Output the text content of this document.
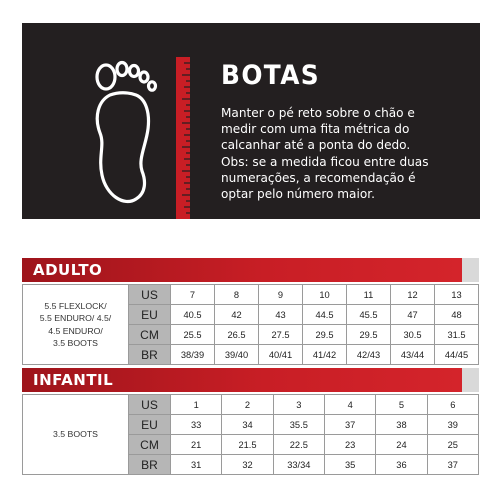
BOTAS

Manter o pé reto sobre o chão e

medir com uma fita métrica do

calcanhar até a ponta do dedo.

Obs: se a medida ficou entre duas

numerações, a recomendação é

optar pelo número maior.

ADULTO
5.5 FLEXLOCK/
5.5 ENDURO/ 4.5/
4.5 ENDURO/
3.5 BOOTS	US	7	8	9	10	11	12	13
	EU	40.5	42	43	44.5	45.5	47	48
	CM	25.5	26.5	27.5	29.5	29.5	30.5	31.5
	BR	38/39	39/40	40/41	41/42	42/43	43/44	44/45
INFANTIL
3.5 BOOTS	US	1	2	3	4	5	6
	EU	33	34	35.5	37	38	39
	CM	21	21.5	22.5	23	24	25
	BR	31	32	33/34	35	36	37
